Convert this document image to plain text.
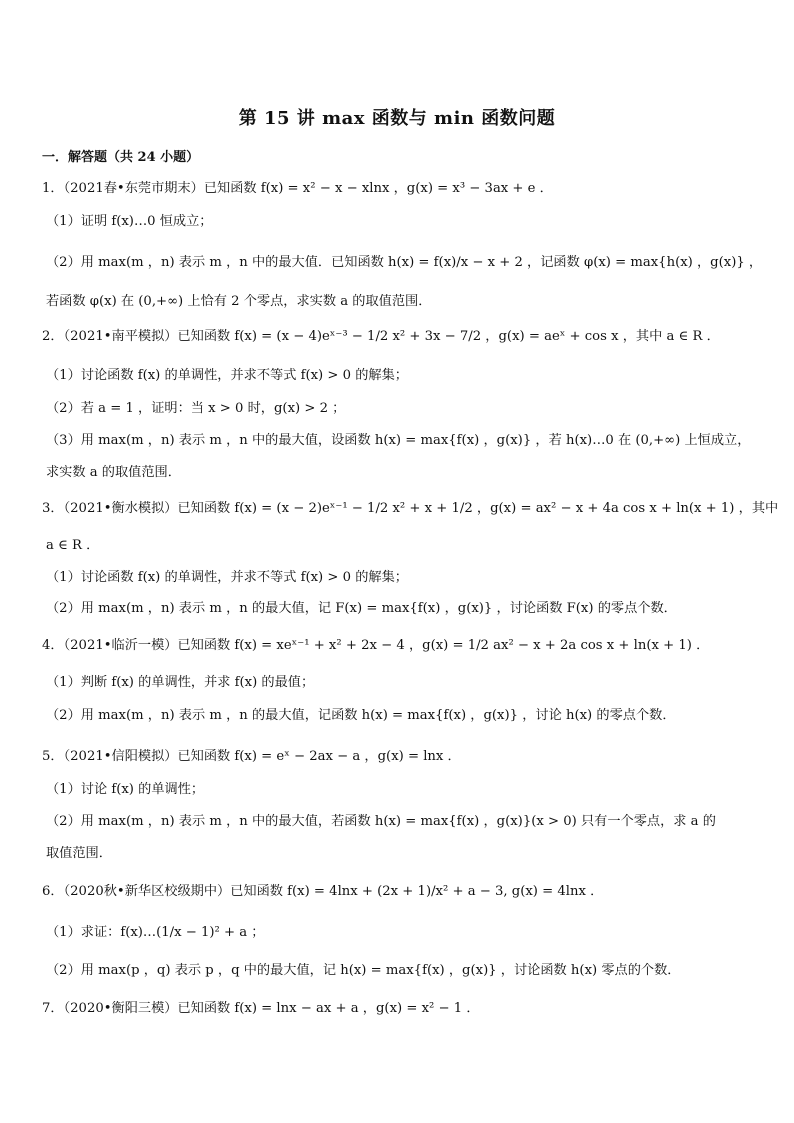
第 15 讲 max 函数与 min 函数问题
一．解答题（共 24 小题）
1．（2021春•东莞市期末）已知函数 f(x) = x² − x − xlnx ，g(x) = x³ − 3ax + e ．
（1）证明 f(x)…0 恒成立；
（2）用 max(m ，n) 表示 m ，n 中的最大值．已知函数 h(x) = f(x)/x − x + 2 ，记函数 φ(x) = max{h(x) ，g(x)} ，
若函数 φ(x) 在 (0,+∞) 上恰有 2 个零点，求实数 a 的取值范围．
2．（2021•南平模拟）已知函数 f(x) = (x − 4)eˣ⁻³ − 1/2 x² + 3x − 7/2 ，g(x) = aeˣ + cos x ，其中 a ∈ R ．
（1）讨论函数 f(x) 的单调性，并求不等式 f(x) > 0 的解集；
（2）若 a = 1 ，证明：当 x > 0 时，g(x) > 2 ；
（3）用 max(m ，n) 表示 m ，n 中的最大值，设函数 h(x) = max{f(x) ，g(x)} ，若 h(x)…0 在 (0,+∞) 上恒成立，
求实数 a 的取值范围．
3．（2021•衡水模拟）已知函数 f(x) = (x − 2)eˣ⁻¹ − 1/2 x² + x + 1/2 ，g(x) = ax² − x + 4a cos x + ln(x + 1) ，其中
a ∈ R ．
（1）讨论函数 f(x) 的单调性，并求不等式 f(x) > 0 的解集；
（2）用 max(m ，n) 表示 m ，n 的最大值，记 F(x) = max{f(x) ，g(x)} ，讨论函数 F(x) 的零点个数．
4．（2021•临沂一模）已知函数 f(x) = xeˣ⁻¹ + x² + 2x − 4 ，g(x) = 1/2 ax² − x + 2a cos x + ln(x + 1) ．
（1）判断 f(x) 的单调性，并求 f(x) 的最值；
（2）用 max(m ，n) 表示 m ，n 的最大值，记函数 h(x) = max{f(x) ，g(x)} ，讨论 h(x) 的零点个数．
5．（2021•信阳模拟）已知函数 f(x) = eˣ − 2ax − a ，g(x) = lnx ．
（1）讨论 f(x) 的单调性；
（2）用 max(m ，n) 表示 m ，n 中的最大值，若函数 h(x) = max{f(x) ，g(x)}(x > 0) 只有一个零点，求 a 的
取值范围．
6．（2020秋•新华区校级期中）已知函数 f(x) = 4lnx + (2x + 1)/x² + a − 3, g(x) = 4lnx ．
（1）求证：f(x)…(1/x − 1)² + a ；
（2）用 max(p ，q) 表示 p ，q 中的最大值，记 h(x) = max{f(x) ，g(x)} ，讨论函数 h(x) 零点的个数．
7．（2020•衡阳三模）已知函数 f(x) = lnx − ax + a ，g(x) = x² − 1 ．
